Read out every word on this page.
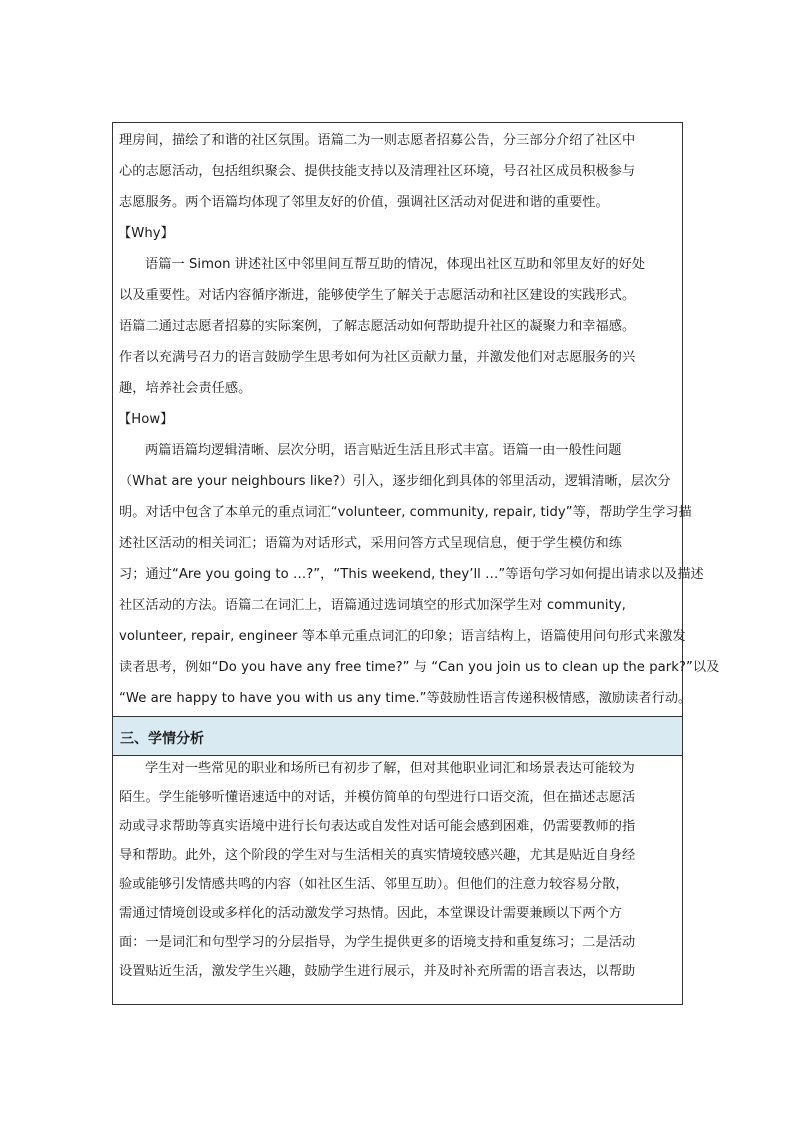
理房间，描绘了和谐的社区氛围。语篇二为一则志愿者招募公告，分三部分介绍了社区中
心的志愿活动，包括组织聚会、提供技能支持以及清理社区环境，号召社区成员积极参与
志愿服务。两个语篇均体现了邻里友好的价值，强调社区活动对促进和谐的重要性。
【Why】
语篇一 Simon 讲述社区中邻里间互帮互助的情况，体现出社区互助和邻里友好的好处
以及重要性。对话内容循序渐进，能够使学生了解关于志愿活动和社区建设的实践形式。
语篇二通过志愿者招募的实际案例，了解志愿活动如何帮助提升社区的凝聚力和幸福感。
作者以充满号召力的语言鼓励学生思考如何为社区贡献力量，并激发他们对志愿服务的兴
趣，培养社会责任感。
【How】
两篇语篇均逻辑清晰、层次分明，语言贴近生活且形式丰富。语篇一由一般性问题
（What are your neighbours like?）引入，逐步细化到具体的邻里活动，逻辑清晰，层次分
明。对话中包含了本单元的重点词汇“volunteer, community, repair, tidy”等，帮助学生学习描
述社区活动的相关词汇；语篇为对话形式，采用问答方式呈现信息，便于学生模仿和练
习；通过“Are you going to …?”，“This weekend, they’ll …”等语句学习如何提出请求以及描述
社区活动的方法。语篇二在词汇上，语篇通过选词填空的形式加深学生对 community,
volunteer, repair, engineer 等本单元重点词汇的印象；语言结构上，语篇使用问句形式来激发
读者思考，例如“Do you have any free time?” 与 “Can you join us to clean up the park?”以及
“We are happy to have you with us any time.”等鼓励性语言传递积极情感，激励读者行动。
三、学情分析
学生对一些常见的职业和场所已有初步了解，但对其他职业词汇和场景表达可能较为
陌生。学生能够听懂语速适中的对话，并模仿简单的句型进行口语交流，但在描述志愿活
动或寻求帮助等真实语境中进行长句表达或自发性对话可能会感到困难，仍需要教师的指
导和帮助。此外，这个阶段的学生对与生活相关的真实情境较感兴趣，尤其是贴近自身经
验或能够引发情感共鸣的内容（如社区生活、邻里互助）。但他们的注意力较容易分散，
需通过情境创设或多样化的活动激发学习热情。因此，本堂课设计需要兼顾以下两个方
面：一是词汇和句型学习的分层指导，为学生提供更多的语境支持和重复练习；二是活动
设置贴近生活，激发学生兴趣，鼓励学生进行展示，并及时补充所需的语言表达，以帮助
